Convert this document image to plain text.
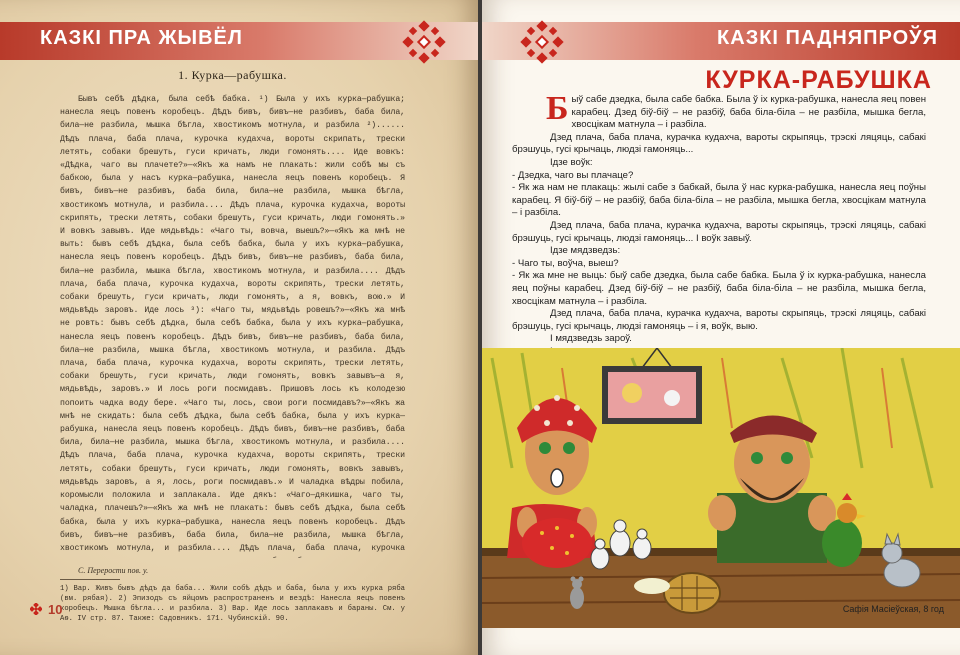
КАЗКІ ПРА ЖЫВЁЛ

1. Курка—рабушка.

Бывъ себѣ дѣдка, была себѣ бабка. ¹) Была у ихъ курка—рабушка; нанесла яецъ повенъ коробецъ. Дѣдъ бивъ, бивъ—не разбивъ, баба била, била—не разбила, мышка бѣгла, хвостикомъ мотнула, и разбила ²)...... Дѣдъ плача, баба плача, курочка кудахча, вороты скрипать, трески летять, собаки брешуть, гуси кричать, люди гомонять.... Иде вовкъ: «Дѣдка, чаго вы плачете?»—«Якъ жа намъ не плакать: жили собѣ мы съ бабкою, была у насъ курка—рабушка, нанесла яецъ повенъ коробецъ. Я бивъ, бивъ—не разбивъ, баба била, била—не разбила, мышка бѣгла, хвостикомъ мотнула, и разбила.... Дѣдъ плача, курочка кудахча, вороты скрипять, трески летять, собаки брешуть, гуси кричать, люди гомонять.» И вовкъ завывъ. Иде мядьвѣдь: «Чаго ты, вовча, выешъ?»—«Якъ жа мнѣ не выть: бывъ себѣ дѣдка, была себѣ бабка, была у ихъ курка—рабушка, нанесла яецъ повенъ коробецъ. Дѣдъ бивъ, бивъ—не разбивъ, баба била, била—не разбила, мышка бѣгла, хвостикомъ мотнула, и разбила.... Дѣдъ плача, баба плача, курочка кудахча, вороты скрипять, трески летять, собаки брешуть, гуси кричать, люди гомонять, а я, вовкъ, вою.» И мядьвѣдь заровъ. Иде лось ³): «Чаго ты, мядьвѣдь ровешъ?»—«Якъ жа мнѣ не ровть: бывъ себѣ дѣдка, была себѣ бабка, была у ихъ курка—рабушка, нанесла яецъ повенъ коробецъ. Дѣдъ бивъ, бивъ—не разбивъ, баба била, била—не разбила, мышка бѣгла, хвостикомъ мотнула, и разбила. Дѣдъ плача, баба плача, курочка кудахча, вороты скрипять, трески летять, собаки брешуть, гуси кричать, люди гомонять, вовкъ завывъ—а я, мядьвѣдь, заровъ.» И лось роги посмидавъ. Пришовъ лось къ колодезю попоить чадка воду бере. «Чаго ты, лось, свои роги посмидавъ?»—«Якъ жа мнѣ не скидать: была себѣ дѣдка, была себѣ бабка, была у ихъ курка—рабушка, нанесла яецъ повенъ коробецъ. Дѣдъ бивъ, бивъ—не разбивъ, баба била, била—не разбила, мышка бѣгла, хвостикомъ мотнула, и разбила.... Дѣдъ плача, баба плача, курочка кудахча, вороты скрипять, трески летять, собаки брешуть, гуси кричать, люди гомонять, вовкъ завывъ, мядьвѣдь заровъ, а я, лось, роги посмидавъ.» И чаладка вѣдры побила, коромысли положила и заплакала. Иде дякъ: «Чаго—дякишка, чаго ты, чаладка, плачешъ?»—«Якъ жа мнѣ не плакать: бывъ себѣ дѣдка, была себѣ бабка, была у ихъ курка—рабушка, нанесла яецъ повенъ коробецъ. Дѣдъ бивъ, бивъ—не разбивъ, баба била, била—не разбила, мышка бѣгла, хвостикомъ мотнула, и разбила.... Дѣдъ плача, баба плача, курочка

С. Перерости пов. у.

1) Вар. Живъ бывъ дѣдъ да баба... Жили собѣ дѣдъ и баба, была у ихъ курка ряба (вм. рябая). 2) Эпизодъ съ яйцомъ распространенъ и вездѣ: Нанесла яецъ повенъ коробецъ. Мышка бѣгла... и разбила. 3) Вар. Иде лось заплакавъ и бараны. См. у Аѳ. IV стр. 87. Также: Садовникъ. 171. Чубинскій. 90.

10
КАЗКІ ПАДНЯПРОЎЯ
КУРКА-РАБУШКА

Быў сабе дзедка, была сабе бабка. Была ў іх курка-рабушка, нанесла яец повен карабец. Дзед біў-біў – не разбіў, баба біла-біла – не разбіла, мышка бегла, хвосцікам матнула – і разбіла.

Дзед плача, баба плача, курачка кудахча, вароты скрыпяць, трэскі ляцяць, сабакі брэшуць, гусі крычаць, людзі гамоняць...

Ідзе воўк:

- Дзедка, чаго вы плачаце?

- Як жа нам не плакаць: жылі сабе з бабкай, была ў нас курка-рабушка, нанесла яец поўны карабец. Я біў-біў – не разбіў, баба біла-біла – не разбіла, мышка бегла, хвосцікам матнула – і разбіла.

Дзед плача, баба плача, курачка кудахча, вароты скрыпяць, трэскі ляцяць, сабакі брэшуць, гусі крычаць, людзі гамоняць... І воўк завыў.

Ідзе мядзведзь:

- Чаго ты, воўча, выеш?

- Як жа мне не выць: быў сабе дзедка, была сабе бабка. Была ў іх курка-рабушка, нанесла яец поўны карабец. Дзед біў-біў – не разбіў, баба біла-біла – не разбіла, мышка бегла, хвосцікам матнула – і разбіла.

Дзед плача, баба плача, курачка кудахча, вароты скрыпяць, трэскі ляцяць, сабакі брэшуць, гусі крычаць, людзі гамоняць – і я, воўк, выю.

І мядзведзь зароў.

Сафія Масіеўская, 8 год
